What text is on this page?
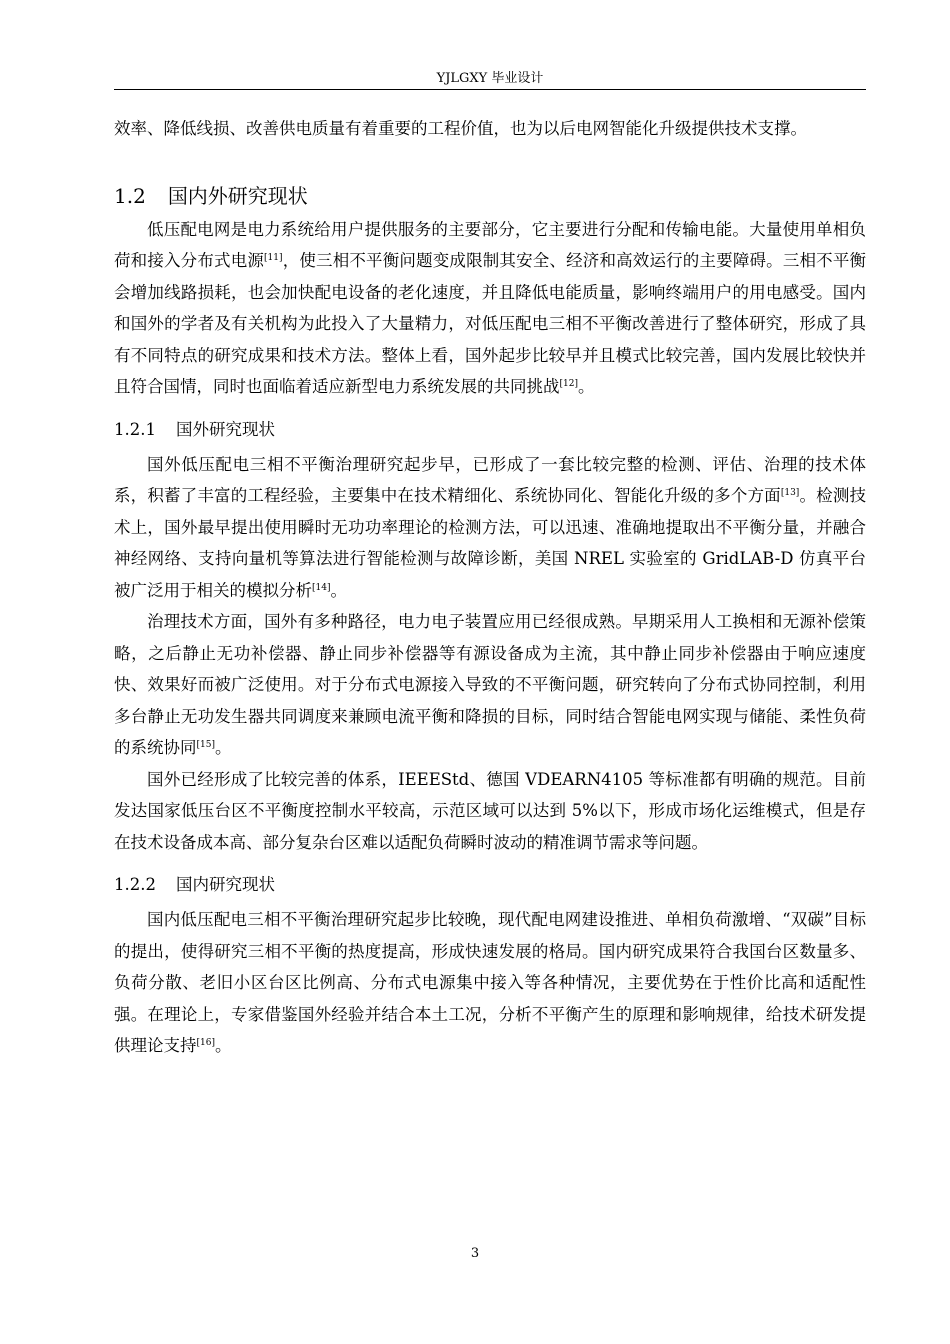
YJLGXY 毕业设计

效率、降低线损、改善供电质量有着重要的工程价值，也为以后电网智能化升级提供技术支撑。

1.2 国内外研究现状

低压配电网是电力系统给用户提供服务的主要部分，它主要进行分配和传输电能。大量使用单相负荷和接入分布式电源[11]，使三相不平衡问题变成限制其安全、经济和高效运行的主要障碍。三相不平衡会增加线路损耗，也会加快配电设备的老化速度，并且降低电能质量，影响终端用户的用电感受。国内和国外的学者及有关机构为此投入了大量精力，对低压配电三相不平衡改善进行了整体研究，形成了具有不同特点的研究成果和技术方法。整体上看，国外起步比较早并且模式比较完善，国内发展比较快并且符合国情，同时也面临着适应新型电力系统发展的共同挑战[12]。

1.2.1 国外研究现状

国外低压配电三相不平衡治理研究起步早，已形成了一套比较完整的检测、评估、治理的技术体系，积蓄了丰富的工程经验，主要集中在技术精细化、系统协同化、智能化升级的多个方面[13]。检测技术上，国外最早提出使用瞬时无功功率理论的检测方法，可以迅速、准确地提取出不平衡分量，并融合神经网络、支持向量机等算法进行智能检测与故障诊断，美国 NREL 实验室的 GridLAB-D 仿真平台被广泛用于相关的模拟分析[14]。

治理技术方面，国外有多种路径，电力电子装置应用已经很成熟。早期采用人工换相和无源补偿策略，之后静止无功补偿器、静止同步补偿器等有源设备成为主流，其中静止同步补偿器由于响应速度快、效果好而被广泛使用。对于分布式电源接入导致的不平衡问题，研究转向了分布式协同控制，利用多台静止无功发生器共同调度来兼顾电流平衡和降损的目标，同时结合智能电网实现与储能、柔性负荷的系统协同[15]。

国外已经形成了比较完善的体系，IEEEStd、德国 VDEARN4105 等标准都有明确的规范。目前发达国家低压台区不平衡度控制水平较高，示范区域可以达到 5%以下，形成市场化运维模式，但是存在技术设备成本高、部分复杂台区难以适配负荷瞬时波动的精准调节需求等问题。

1.2.2 国内研究现状

国内低压配电三相不平衡治理研究起步比较晚，现代配电网建设推进、单相负荷激增、“双碳”目标的提出，使得研究三相不平衡的热度提高，形成快速发展的格局。国内研究成果符合我国台区数量多、负荷分散、老旧小区台区比例高、分布式电源集中接入等各种情况，主要优势在于性价比高和适配性强。在理论上，专家借鉴国外经验并结合本土工况，分析不平衡产生的原理和影响规律，给技术研发提供理论支持[16]。

3
